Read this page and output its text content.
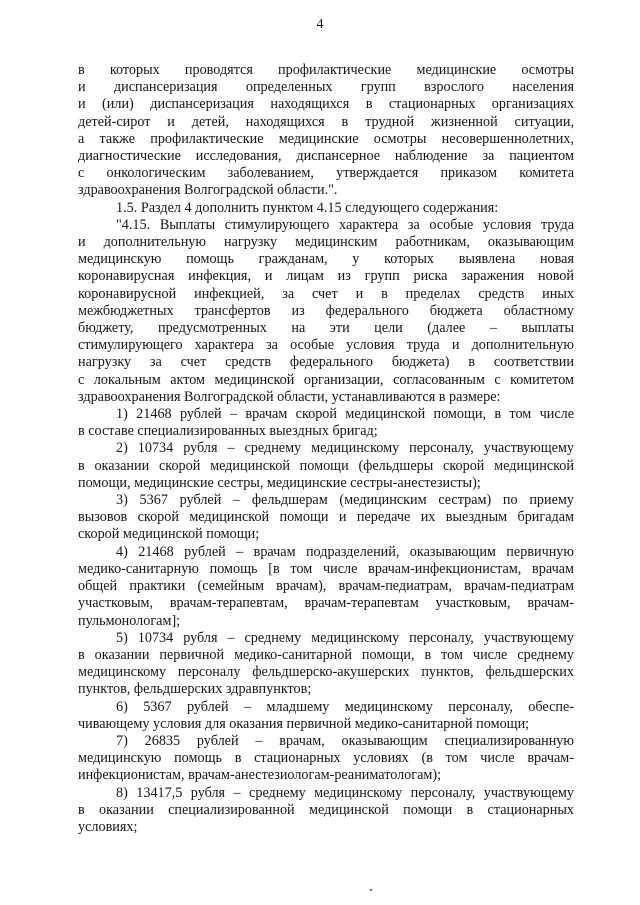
4

в которых проводятся профилактические медицинские осмотры
и диспансеризация определенных групп взрослого населения
и (или) диспансеризация находящихся в стационарных организациях
детей-сирот и детей, находящихся в трудной жизненной ситуации,
а также профилактические медицинские осмотры несовершеннолетних,
диагностические исследования, диспансерное наблюдение за пациентом
с онкологическим заболеванием, утверждается приказом комитета
здравоохранения Волгоградской области.".

1.5. Раздел 4 дополнить пунктом 4.15 следующего содержания:

"4.15. Выплаты стимулирующего характера за особые условия труда
и дополнительную нагрузку медицинским работникам, оказывающим
медицинскую помощь гражданам, у которых выявлена новая
коронавирусная инфекция, и лицам из групп риска заражения новой
коронавирусной инфекцией, за счет и в пределах средств иных
межбюджетных трансфертов из федерального бюджета областному
бюджету, предусмотренных на эти цели (далее – выплаты
стимулирующего характера за особые условия труда и дополнительную
нагрузку за счет средств федерального бюджета) в соответствии
с локальным актом медицинской организации, согласованным с комитетом
здравоохранения Волгоградской области, устанавливаются в размере:

1) 21468 рублей – врачам скорой медицинской помощи, в том числе
в составе специализированных выездных бригад;

2) 10734 рубля – среднему медицинскому персоналу, участвующему
в оказании скорой медицинской помощи (фельдшеры скорой медицинской
помощи, медицинские сестры, медицинские сестры-анестезисты);

3) 5367 рублей – фельдшерам (медицинским сестрам) по приему
вызовов скорой медицинской помощи и передаче их выездным бригадам
скорой медицинской помощи;

4) 21468 рублей – врачам подразделений, оказывающим первичную
медико-санитарную помощь [в том числе врачам-инфекционистам, врачам
общей практики (семейным врачам), врачам-педиатрам, врачам-педиатрам
участковым, врачам-терапевтам, врачам-терапевтам участковым, врачам-
пульмонологам];

5) 10734 рубля – среднему медицинскому персоналу, участвующему
в оказании первичной медико-санитарной помощи, в том числе среднему
медицинскому персоналу фельдшерско-акушерских пунктов, фельдшерских
пунктов, фельдшерских здравпунктов;

6) 5367 рублей – младшему медицинскому персоналу, обеспе-
чивающему условия для оказания первичной медико-санитарной помощи;

7) 26835 рублей – врачам, оказывающим специализированную
медицинскую помощь в стационарных условиях (в том числе врачам-
инфекционистам, врачам-анестезиологам-реаниматологам);

8) 13417,5 рубля – среднему медицинскому персоналу, участвующему
в оказании специализированной медицинской помощи в стационарных
условиях;
